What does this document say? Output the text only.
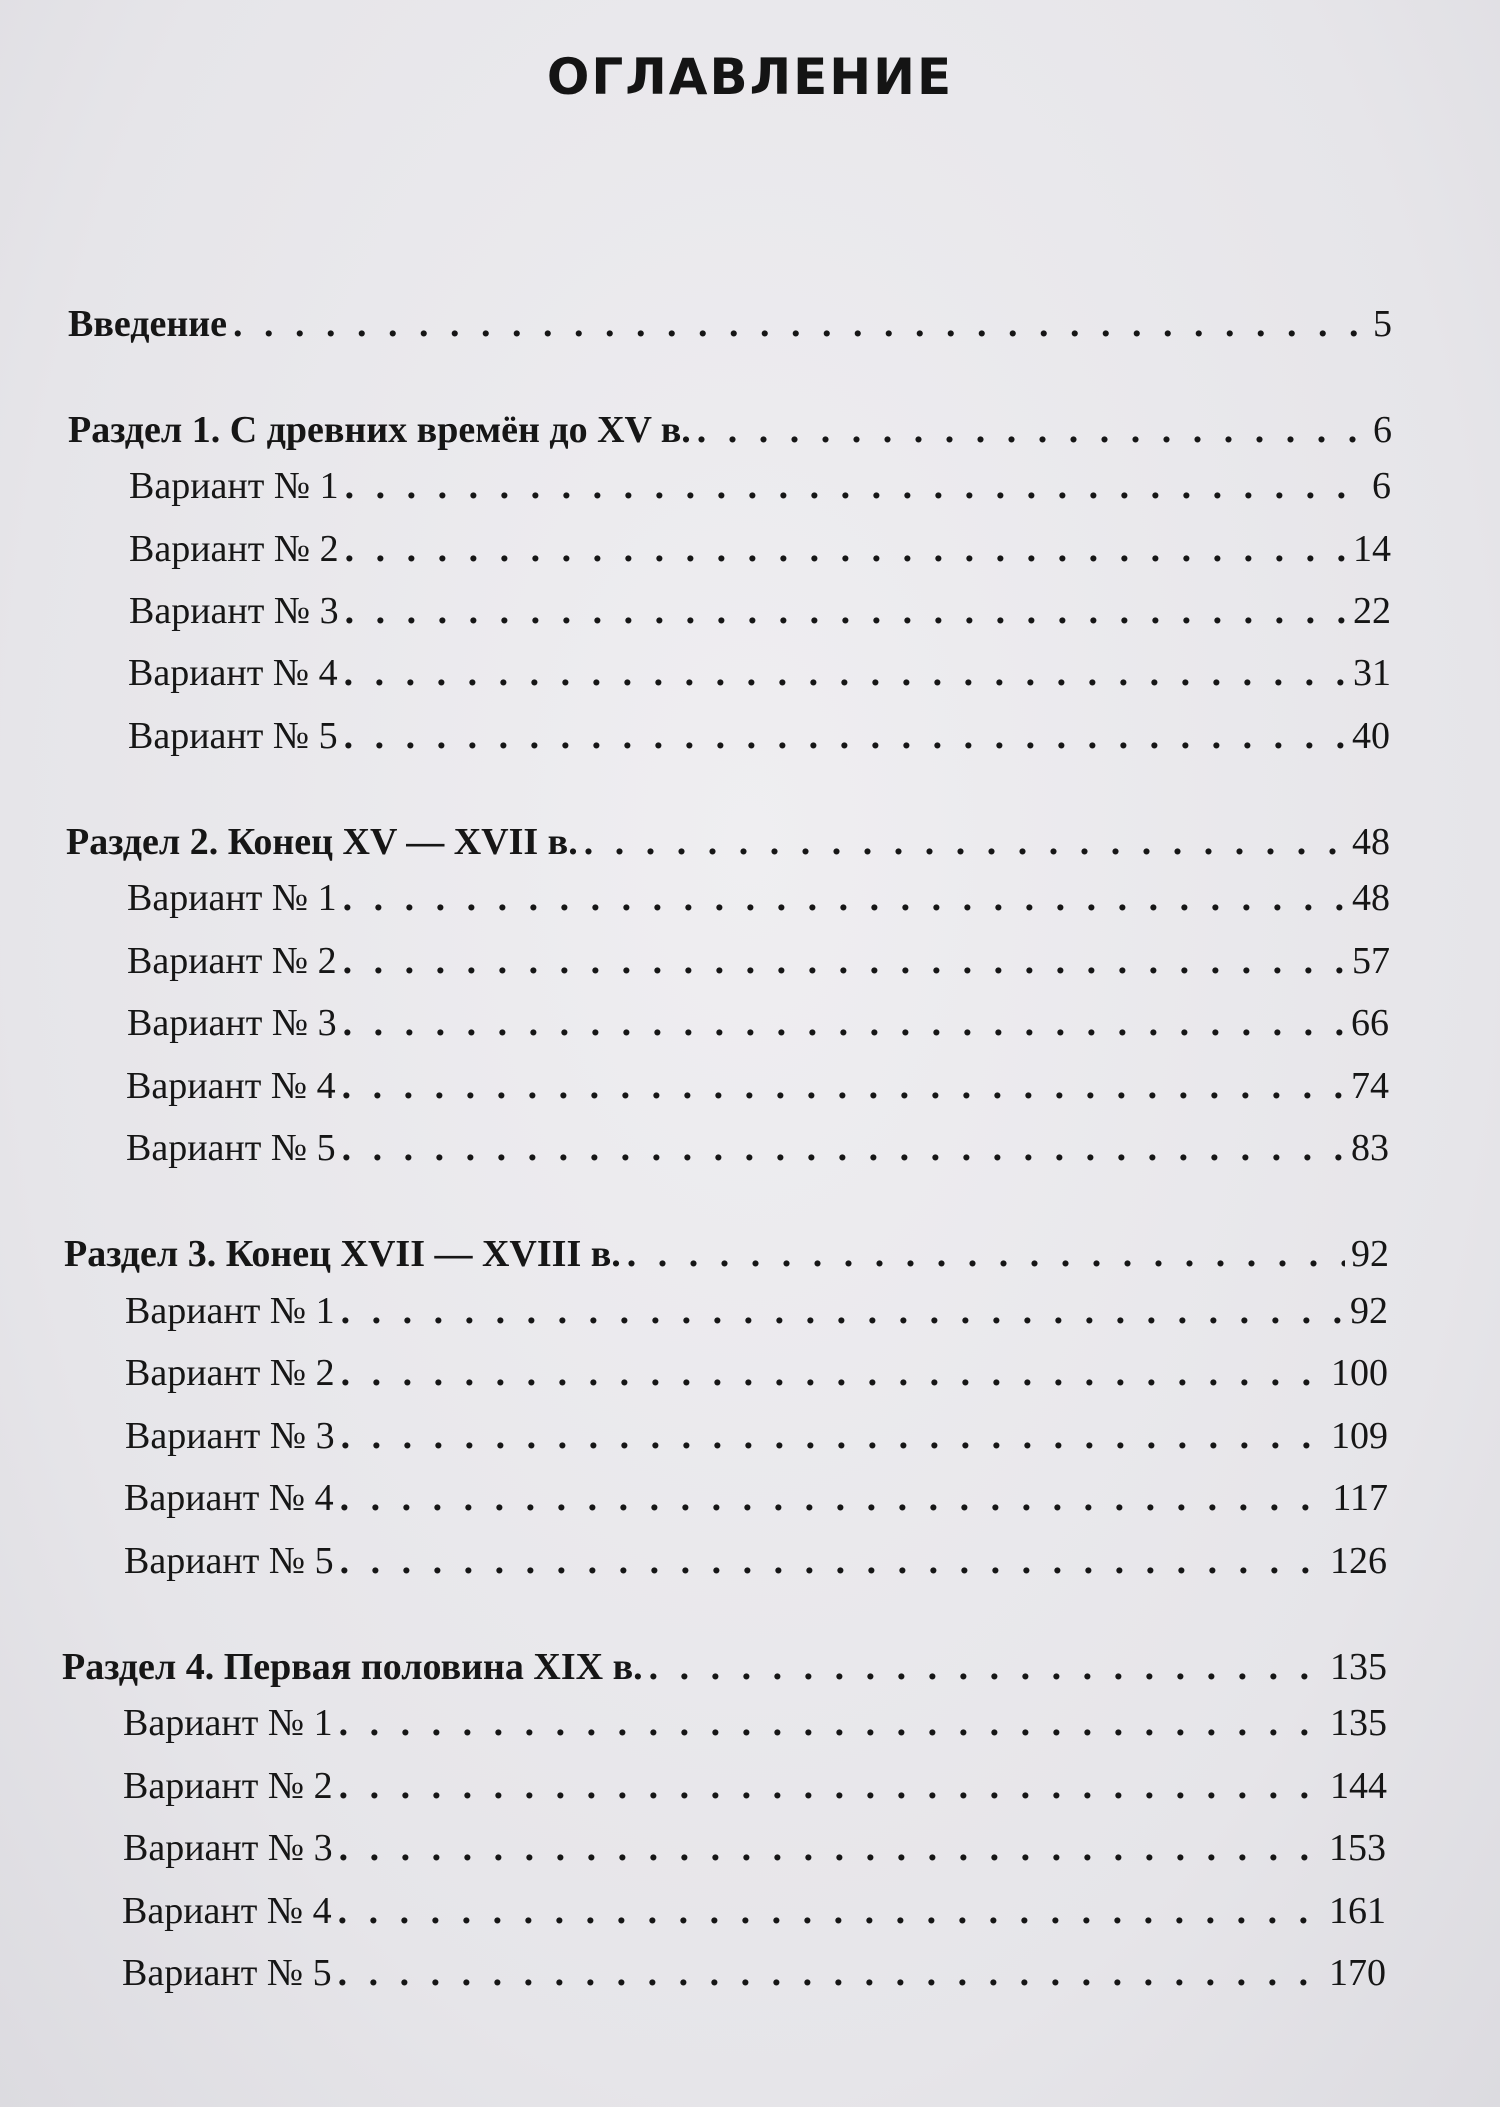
ОГЛАВЛЕНИЕ
Введение . . .	5
Раздел 1. С древних времён до XV в. . . .	6
Вариант № 1 . . .	6
Вариант № 2 . . .	14
Вариант № 3 . . .	22
Вариант № 4 . . .	31
Вариант № 5 . . .	40
Раздел 2. Конец XV — XVII в. . . .	48
Вариант № 1 . . .	48
Вариант № 2 . . .	57
Вариант № 3 . . .	66
Вариант № 4 . . .	74
Вариант № 5 . . .	83
Раздел 3. Конец XVII — XVIII в. . . .	92
Вариант № 1 . . .	92
Вариант № 2 . . .	100
Вариант № 3 . . .	109
Вариант № 4 . . .	117
Вариант № 5 . . .	126
Раздел 4. Первая половина XIX в. . . .	135
Вариант № 1 . . .	135
Вариант № 2 . . .	144
Вариант № 3 . . .	153
Вариант № 4 . . .	161
Вариант № 5 . . .	170
